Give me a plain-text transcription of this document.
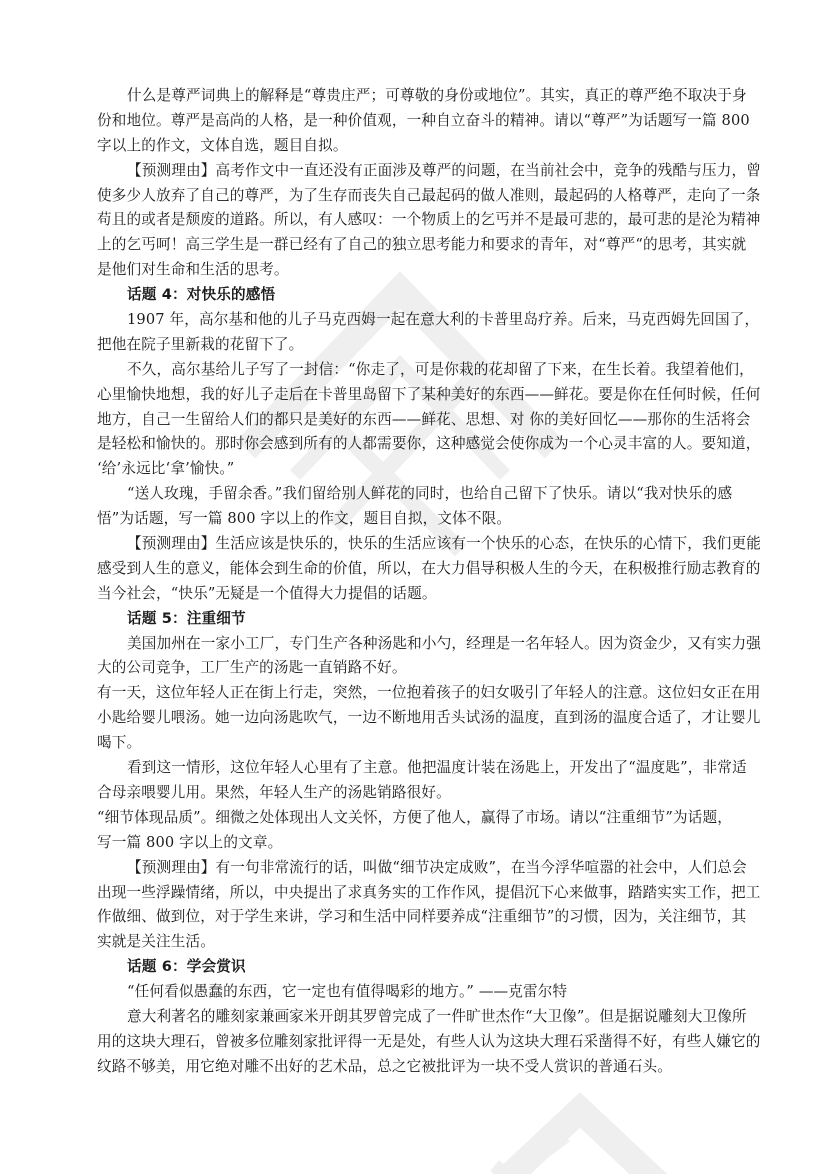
什么是尊严词典上的解释是“尊贵庄严；可尊敬的身份或地位”。其实，真正的尊严绝不取决于身
份和地位。尊严是高尚的人格，是一种价值观，一种自立奋斗的精神。请以“尊严”为话题写一篇 800
字以上的作文，文体自选，题目自拟。
【预测理由】高考作文中一直还没有正面涉及尊严的问题，在当前社会中，竞争的残酷与压力，曾
使多少人放弃了自己的尊严，为了生存而丧失自己最起码的做人准则，最起码的人格尊严，走向了一条
苟且的或者是颓废的道路。所以，有人感叹：一个物质上的乞丐并不是最可悲的，最可悲的是沦为精神
上的乞丐呵！高三学生是一群已经有了自己的独立思考能力和要求的青年，对“尊严“的思考，其实就
是他们对生命和生活的思考。
话题 4：对快乐的感悟
1907 年，高尔基和他的儿子马克西姆一起在意大利的卡普里岛疗养。后来，马克西姆先回国了，
把他在院子里新栽的花留下了。
不久，高尔基给儿子写了一封信：“你走了，可是你栽的花却留了下来，在生长着。我望着他们，
心里愉快地想，我的好儿子走后在卡普里岛留下了某种美好的东西——鲜花。要是你在任何时候，任何
地方，自己一生留给人们的都只是美好的东西——鲜花、思想、对 你的美好回忆——那你的生活将会
是轻松和愉快的。那时你会感到所有的人都需要你，这种感觉会使你成为一个心灵丰富的人。要知道，
‘给’永远比‘拿’愉快。”
“送人玫瑰，手留余香。”我们留给别人鲜花的同时，也给自己留下了快乐。请以“我对快乐的感
悟”为话题，写一篇 800 字以上的作文，题目自拟，文体不限。
【预测理由】生活应该是快乐的，快乐的生活应该有一个快乐的心态，在快乐的心情下，我们更能
感受到人生的意义，能体会到生命的价值，所以，在大力倡导积极人生的今天，在积极推行励志教育的
当今社会，“快乐”无疑是一个值得大力提倡的话题。
话题 5：注重细节
美国加州在一家小工厂，专门生产各种汤匙和小勺，经理是一名年轻人。因为资金少，又有实力强
大的公司竞争，工厂生产的汤匙一直销路不好。
有一天，这位年轻人正在街上行走，突然，一位抱着孩子的妇女吸引了年轻人的注意。这位妇女正在用
小匙给婴儿喂汤。她一边向汤匙吹气，一边不断地用舌头试汤的温度，直到汤的温度合适了，才让婴儿
喝下。
看到这一情形，这位年轻人心里有了主意。他把温度计装在汤匙上，开发出了“温度匙”，非常适
合母亲喂婴儿用。果然，年轻人生产的汤匙销路很好。
“细节体现品质”。细微之处体现出人文关怀，方便了他人，赢得了市场。请以“注重细节”为话题，
写一篇 800 字以上的文章。
【预测理由】有一句非常流行的话，叫做“细节决定成败”，在当今浮华喧嚣的社会中，人们总会
出现一些浮躁情绪，所以，中央提出了求真务实的工作作风，提倡沉下心来做事，踏踏实实工作，把工
作做细、做到位，对于学生来讲，学习和生活中同样要养成“注重细节”的习惯，因为，关注细节，其
实就是关注生活。
话题 6：学会赏识
“任何看似愚蠢的东西，它一定也有值得喝彩的地方。” ——克雷尔特
意大利著名的雕刻家兼画家米开朗其罗曾完成了一件旷世杰作“大卫像”。但是据说雕刻大卫像所
用的这块大理石，曾被多位雕刻家批评得一无是处，有些人认为这块大理石采凿得不好，有些人嫌它的
纹路不够美，用它绝对雕不出好的艺术品，总之它被批评为一块不受人赏识的普通石头。
